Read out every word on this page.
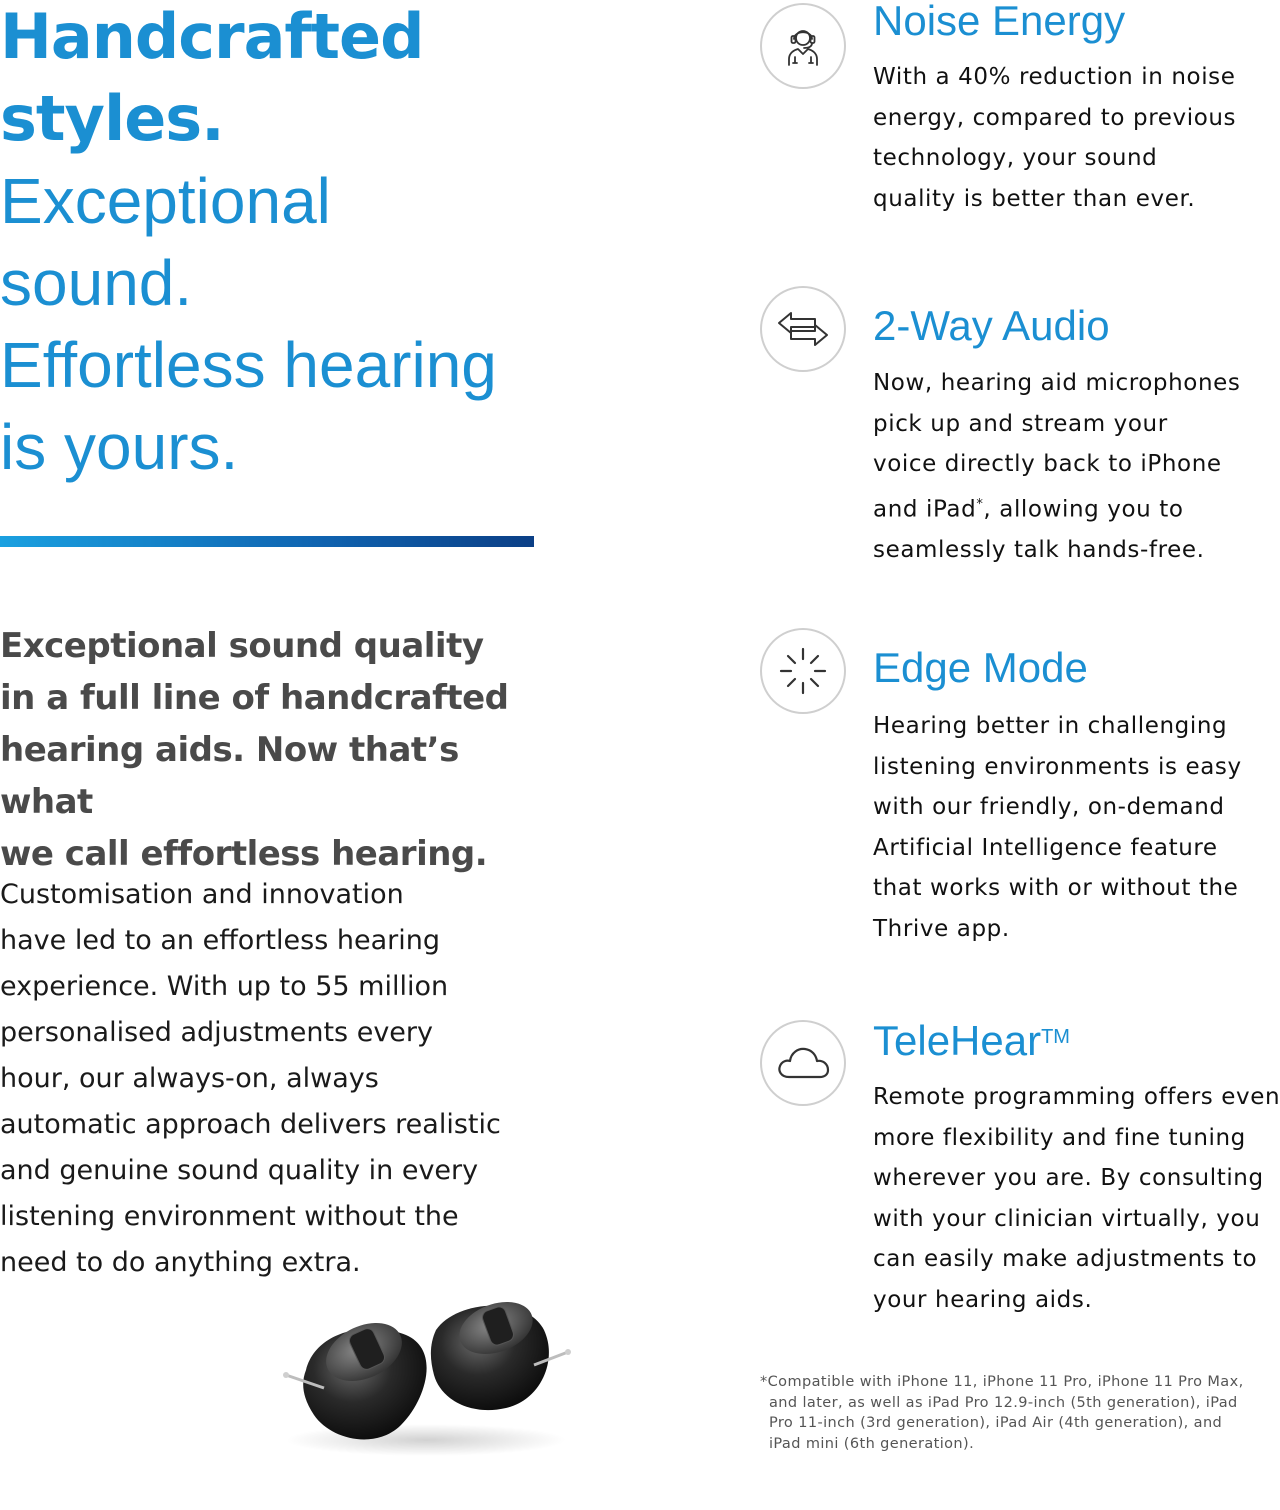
Handcrafted
styles.
Exceptional
sound.
Effortless hearing
is yours.
Exceptional sound quality
in a full line of handcrafted
hearing aids. Now that’s what
we call effortless hearing.
Customisation and innovation
have led to an effortless hearing
experience. With up to 55 million
personalised adjustments every
hour, our always-on, always
automatic approach delivers realistic
and genuine sound quality in every
listening environment without the
need to do anything extra.
Noise Energy
With a 40% reduction in noise
energy, compared to previous
technology, your sound
quality is better than ever.
2-Way Audio
Now, hearing aid microphones
pick up and stream your
voice directly back to iPhone
and iPad*, allowing you to
seamlessly talk hands-free.
Edge Mode
Hearing better in challenging
listening environments is easy
with our friendly, on-demand
Artificial Intelligence feature
that works with or without the
Thrive app.
TeleHear™
Remote programming offers even
more flexibility and fine tuning
wherever you are. By consulting
with your clinician virtually, you
can easily make adjustments to
your hearing aids.

*Compatible with iPhone 11, iPhone 11 Pro, iPhone 11 Pro Max,
and later, as well as iPad Pro 12.9-inch (5th generation), iPad
Pro 11-inch (3rd generation), iPad Air (4th generation), and
iPad mini (6th generation).
